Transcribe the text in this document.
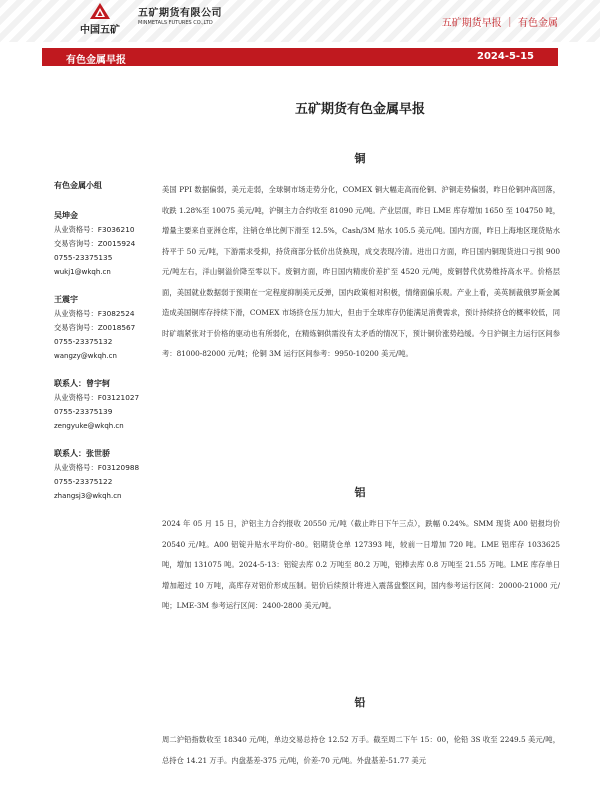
中国五矿
五矿期货有限公司
MINMETALS FUTURES CO.,LTD	五矿期货早报 ｜ 有色金属
有色金属早报	2024-5-15
五矿期货有色金属早报
有色金属小组
吴坤金
从业资格号：F3036210
交易咨询号：Z0015924
0755-23375135
wukj1@wkqh.cn
王震宇
从业资格号：F3082524
交易咨询号：Z0018567
0755-23375132
wangzy@wkqh.cn
联系人：曾宇轲
从业资格号：F03121027
0755-23375139
zengyuke@wkqh.cn
联系人：张世骄
从业资格号：F03120988
0755-23375122
zhangsj3@wkqh.cn
铜
美国 PPI 数据偏弱，美元走弱，全球铜市场走势分化，COMEX 铜大幅走高而伦铜、沪铜走势偏弱，昨日伦铜冲高回落，收跌 1.28%至 10075 美元/吨，沪铜主力合约收至 81090 元/吨。产业层面，昨日 LME 库存增加 1650 至 104750 吨，增量主要来自亚洲仓库，注销仓单比例下滑至 12.5%，Cash/3M 贴水 105.5 美元/吨。国内方面，昨日上海地区现货贴水持平于 50 元/吨，下游需求受抑，持货商部分低价出货换现，成交表现冷清。进出口方面，昨日国内铜现货进口亏损 900 元/吨左右，洋山铜溢价降至零以下。废铜方面，昨日国内精废价差扩至 4520 元/吨，废铜替代优势维持高水平。价格层面，美国就业数据弱于预期在一定程度抑制美元反弹，国内政策相对积极，情绪面偏乐观。产业上看，美英制裁俄罗斯金属造成美国铜库存持续下滑，COMEX 市场挤仓压力加大，但由于全球库存仍能满足消费需求，预计持续挤仓的概率较低，同时矿端紧张对于价格的驱动也有所弱化，在精炼铜供需没有太矛盾的情况下，预计铜价涨势趋缓。今日沪铜主力运行区间参考：81000-82000 元/吨；伦铜 3M 运行区间参考：9950-10200 美元/吨。
铝
2024 年 05 月 15 日，沪铝主力合约报收 20550 元/吨（截止昨日下午三点），跌幅 0.24%。SMM 现货 A00 铝报均价 20540 元/吨。A00 铝锭升贴水平均价-80。铝期货仓单 127393 吨，较前一日增加 720 吨。LME 铝库存 1033625 吨，增加 131075 吨。2024-5-13：铝锭去库 0.2 万吨至 80.2 万吨，铝棒去库 0.8 万吨至 21.55 万吨。LME 库存单日增加超过 10 万吨，高库存对铝价形成压制。铝价后续预计将进入震荡盘整区间，国内参考运行区间：20000-21000 元/吨；LME-3M 参考运行区间：2400-2800 美元/吨。
铅
周二沪铅指数收至 18340 元/吨，单边交易总持仓 12.52 万手。截至周二下午 15：00，伦铅 3S 收至 2249.5 美元/吨，总持仓 14.21 万手。内盘基差-375 元/吨，价差-70 元/吨。外盘基差-51.77 美元
